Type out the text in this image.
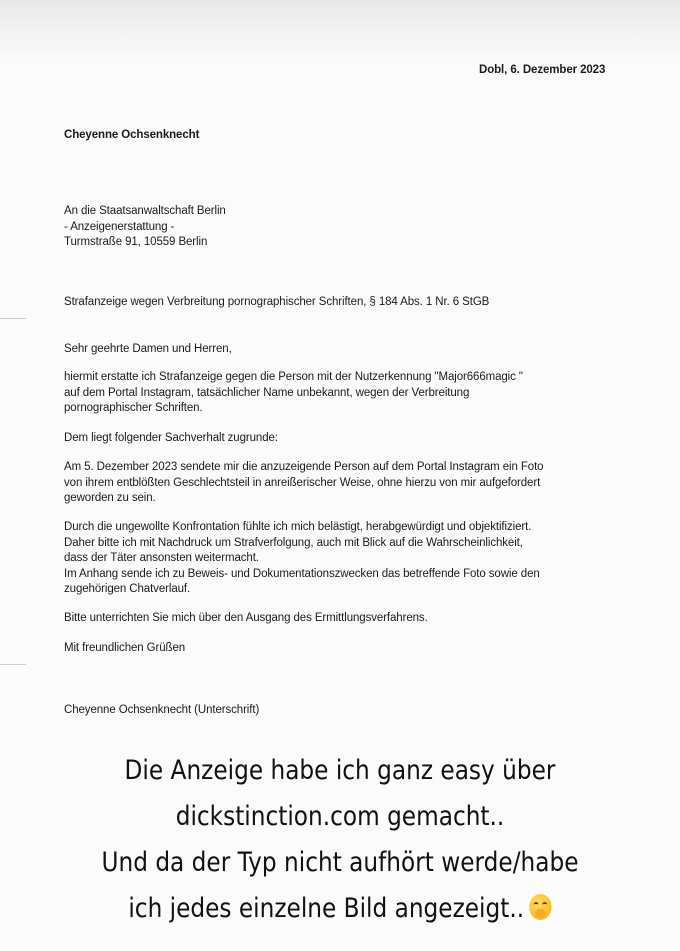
Dobl, 6. Dezember 2023
Cheyenne Ochsenknecht
An die Staatsanwaltschaft Berlin
- Anzeigenerstattung -
Turmstraße 91, 10559 Berlin
Strafanzeige wegen Verbreitung pornographischer Schriften, § 184 Abs. 1 Nr. 6 StGB
Sehr geehrte Damen und Herren,
hiermit erstatte ich Strafanzeige gegen die Person mit der Nutzerkennung "Major666magic "
auf dem Portal Instagram, tatsächlicher Name unbekannt, wegen der Verbreitung
pornographischer Schriften.
Dem liegt folgender Sachverhalt zugrunde:
Am 5. Dezember 2023 sendete mir die anzuzeigende Person auf dem Portal Instagram ein Foto
von ihrem entblößten Geschlechtsteil in anreißerischer Weise, ohne hierzu von mir aufgefordert
geworden zu sein.
Durch die ungewollte Konfrontation fühlte ich mich belästigt, herabgewürdigt und objektifiziert.
Daher bitte ich mit Nachdruck um Strafverfolgung, auch mit Blick auf die Wahrscheinlichkeit,
dass der Täter ansonsten weitermacht.
Im Anhang sende ich zu Beweis- und Dokumentationszwecken das betreffende Foto sowie den
zugehörigen Chatverlauf.
Bitte unterrichten Sie mich über den Ausgang des Ermittlungsverfahrens.
Mit freundlichen Grüßen
Cheyenne Ochsenknecht (Unterschrift)
Die Anzeige habe ich ganz easy über
dickstinction.com gemacht..
Und da der Typ nicht aufhört werde/habe
ich jedes einzelne Bild angezeigt..
